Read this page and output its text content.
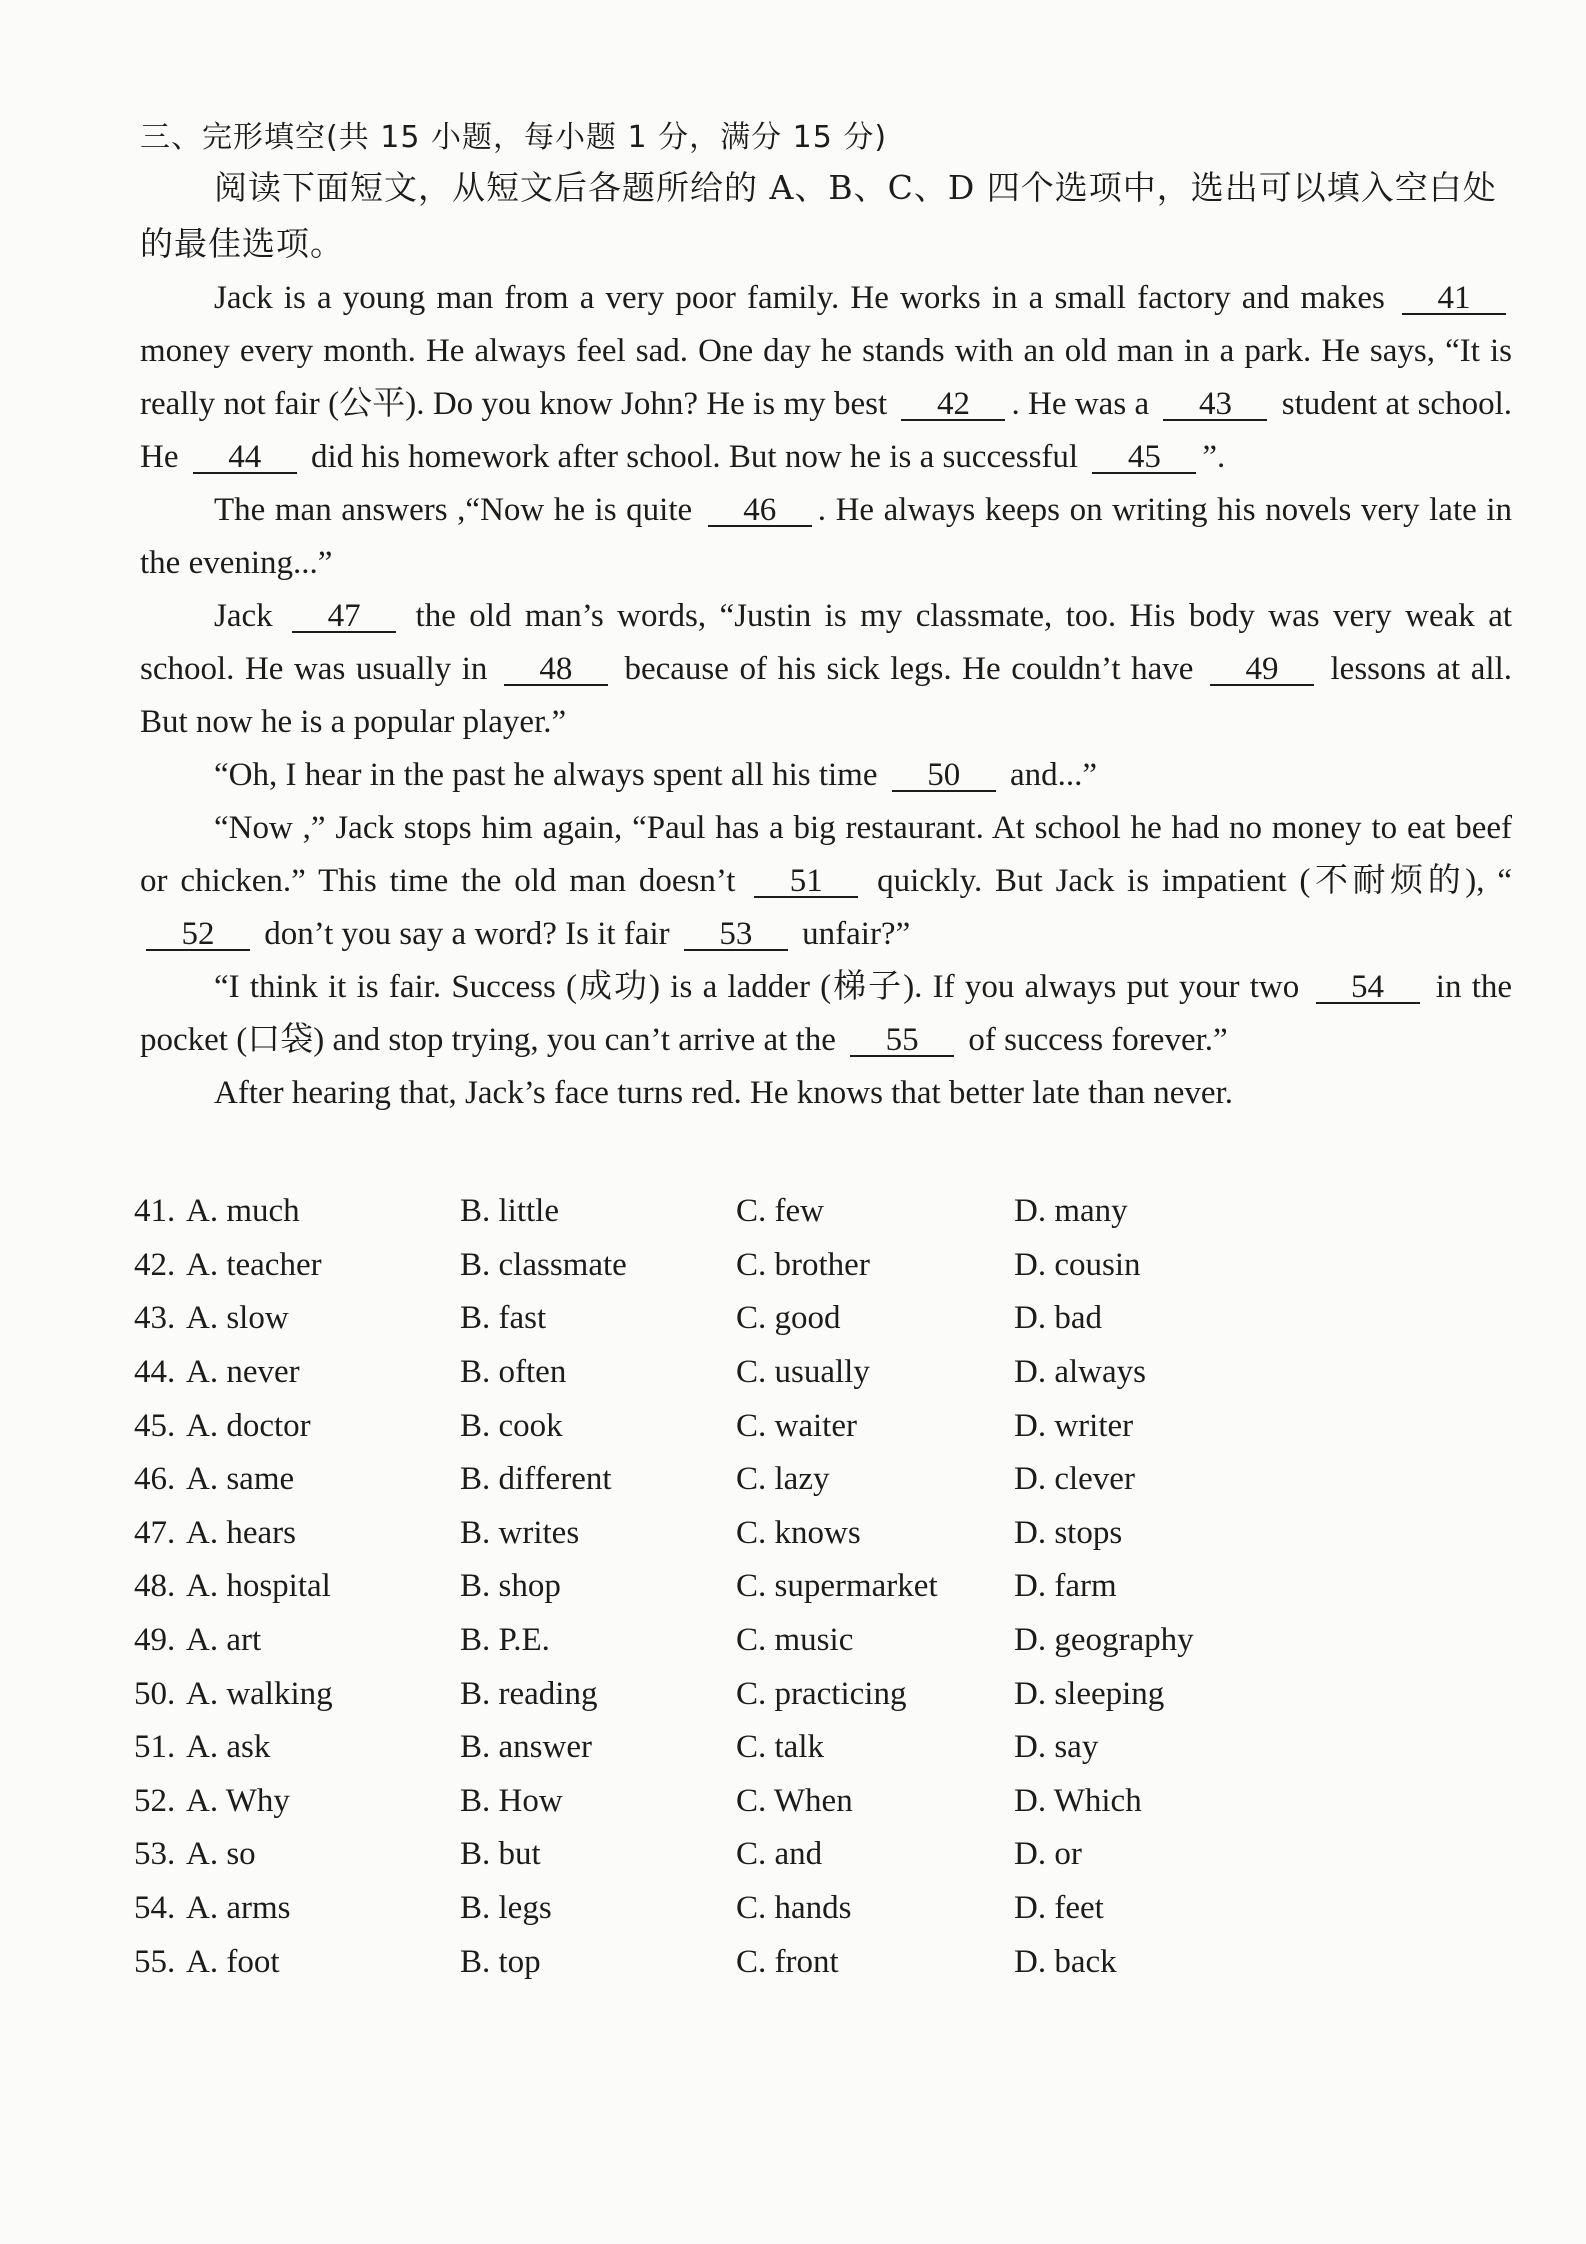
三、完形填空(共 15 小题，每小题 1 分，满分 15 分)
阅读下面短文，从短文后各题所给的 A、B、C、D 四个选项中，选出可以填入空白处的最佳选项。

Jack is a young man from a very poor family. He works in a small factory and makes 41 money every month. He always feel sad. One day he stands with an old man in a park. He says, “It is really not fair (公平). Do you know John? He is my best 42 . He was a 43 student at school. He 44 did his homework after school. But now he is a successful 45 ”.

The man answers ,“Now he is quite 46 . He always keeps on writing his novels very late in the evening...”

Jack 47 the old man’s words, “Justin is my classmate, too. His body was very weak at school. He was usually in 48 because of his sick legs. He couldn’t have 49 lessons at all. But now he is a popular player.”

“Oh, I hear in the past he always spent all his time 50 and...”

“Now ,” Jack stops him again, “Paul has a big restaurant. At school he had no money to eat beef or chicken.” This time the old man doesn’t 51 quickly. But Jack is impatient (不耐烦的), “ 52 don’t you say a word? Is it fair 53 unfair?”

“I think it is fair. Success (成功) is a ladder (梯子). If you always put your two 54 in the pocket (口袋) and stop trying, you can’t arrive at the 55 of success forever.”

After hearing that, Jack’s face turns red. He knows that better late than never.

41. A. much	B. little	C. few	D. many
42. A. teacher	B. classmate	C. brother	D. cousin
43. A. slow	B. fast	C. good	D. bad
44. A. never	B. often	C. usually	D. always
45. A. doctor	B. cook	C. waiter	D. writer
46. A. same	B. different	C. lazy	D. clever
47. A. hears	B. writes	C. knows	D. stops
48. A. hospital	B. shop	C. supermarket	D. farm
49. A. art	B. P.E.	C. music	D. geography
50. A. walking	B. reading	C. practicing	D. sleeping
51. A. ask	B. answer	C. talk	D. say
52. A. Why	B. How	C. When	D. Which
53. A. so	B. but	C. and	D. or
54. A. arms	B. legs	C. hands	D. feet
55. A. foot	B. top	C. front	D. back
